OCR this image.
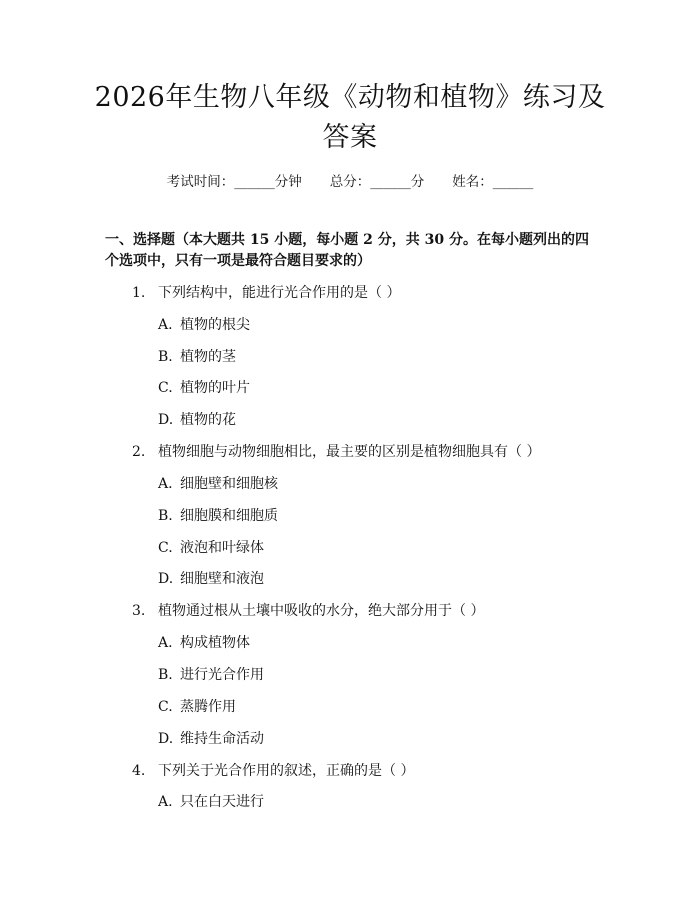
2026年生物八年级《动物和植物》练习及答案
考试时间：______分钟 总分：______分 姓名：______

一、选择题（本大题共 15 小题，每小题 2 分，共 30 分。在每小题列出的四个选项中，只有一项是最符合题目要求的）

1. 下列结构中，能进行光合作用的是（ ）
A. 植物的根尖
B. 植物的茎
C. 植物的叶片
D. 植物的花
2. 植物细胞与动物细胞相比，最主要的区别是植物细胞具有（ ）
A. 细胞壁和细胞核
B. 细胞膜和细胞质
C. 液泡和叶绿体
D. 细胞壁和液泡
3. 植物通过根从土壤中吸收的水分，绝大部分用于（ ）
A. 构成植物体
B. 进行光合作用
C. 蒸腾作用
D. 维持生命活动
4. 下列关于光合作用的叙述，正确的是（ ）
A. 只在白天进行
